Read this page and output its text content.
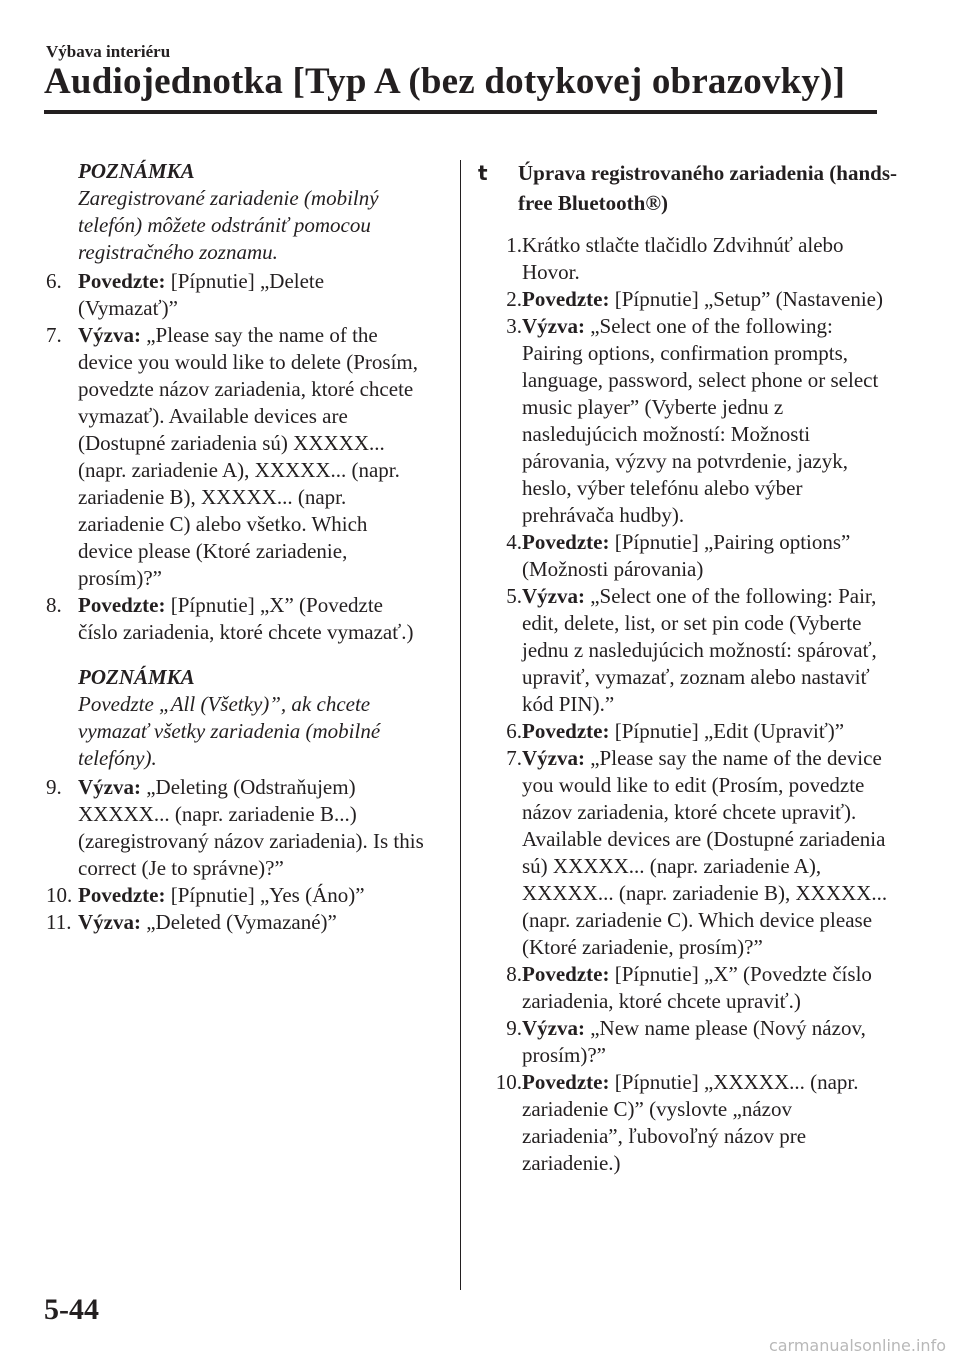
Výbava interiéru
Audiojednotka [Typ A (bez dotykovej obrazovky)]
POZNÁMKA
Zaregistrované zariadenie (mobilný telefón) môžete odstrániť pomocou registračného zoznamu.
6. Povedzte: [Pípnutie] „Delete (Vymazať)”
7. Výzva: „Please say the name of the device you would like to delete (Prosím, povedzte názov zariadenia, ktoré chcete vymazať). Available devices are (Dostupné zariadenia sú) XXXXX... (napr. zariadenie A), XXXXX... (napr. zariadenie B), XXXXX... (napr. zariadenie C) alebo všetko. Which device please (Ktoré zariadenie, prosím)?”
8. Povedzte: [Pípnutie] „X” (Povedzte číslo zariadenia, ktoré chcete vymazať.)
POZNÁMKA
Povedzte „All (Všetky)”, ak chcete vymazať všetky zariadenia (mobilné telefóny).
9. Výzva: „Deleting (Odstraňujem) XXXXX... (napr. zariadenie B...) (zaregistrovaný názov zariadenia). Is this correct (Je to správne)?”
10. Povedzte: [Pípnutie] „Yes (Áno)”
11. Výzva: „Deleted (Vymazané)”
t	Úprava registrovaného zariadenia (hands-free Bluetooth®)
1. Krátko stlačte tlačidlo Zdvihnúť alebo Hovor.
2. Povedzte: [Pípnutie] „Setup” (Nastavenie)
3. Výzva: „Select one of the following: Pairing options, confirmation prompts, language, password, select phone or select music player” (Vyberte jednu z nasledujúcich možností: Možnosti párovania, výzvy na potvrdenie, jazyk, heslo, výber telefónu alebo výber prehrávača hudby).
4. Povedzte: [Pípnutie] „Pairing options” (Možnosti párovania)
5. Výzva: „Select one of the following: Pair, edit, delete, list, or set pin code (Vyberte jednu z nasledujúcich možností: spárovať, upraviť, vymazať, zoznam alebo nastaviť kód PIN).”
6. Povedzte: [Pípnutie] „Edit (Upraviť)”
7. Výzva: „Please say the name of the device you would like to edit (Prosím, povedzte názov zariadenia, ktoré chcete upraviť). Available devices are (Dostupné zariadenia sú) XXXXX... (napr. zariadenie A), XXXXX... (napr. zariadenie B), XXXXX... (napr. zariadenie C). Which device please (Ktoré zariadenie, prosím)?”
8. Povedzte: [Pípnutie] „X” (Povedzte číslo zariadenia, ktoré chcete upraviť.)
9. Výzva: „New name please (Nový názov, prosím)?”
10. Povedzte: [Pípnutie] „XXXXX... (napr. zariadenie C)” (vyslovte „názov zariadenia”, ľubovoľný názov pre zariadenie.)
5-44
carmanualsonline.info
